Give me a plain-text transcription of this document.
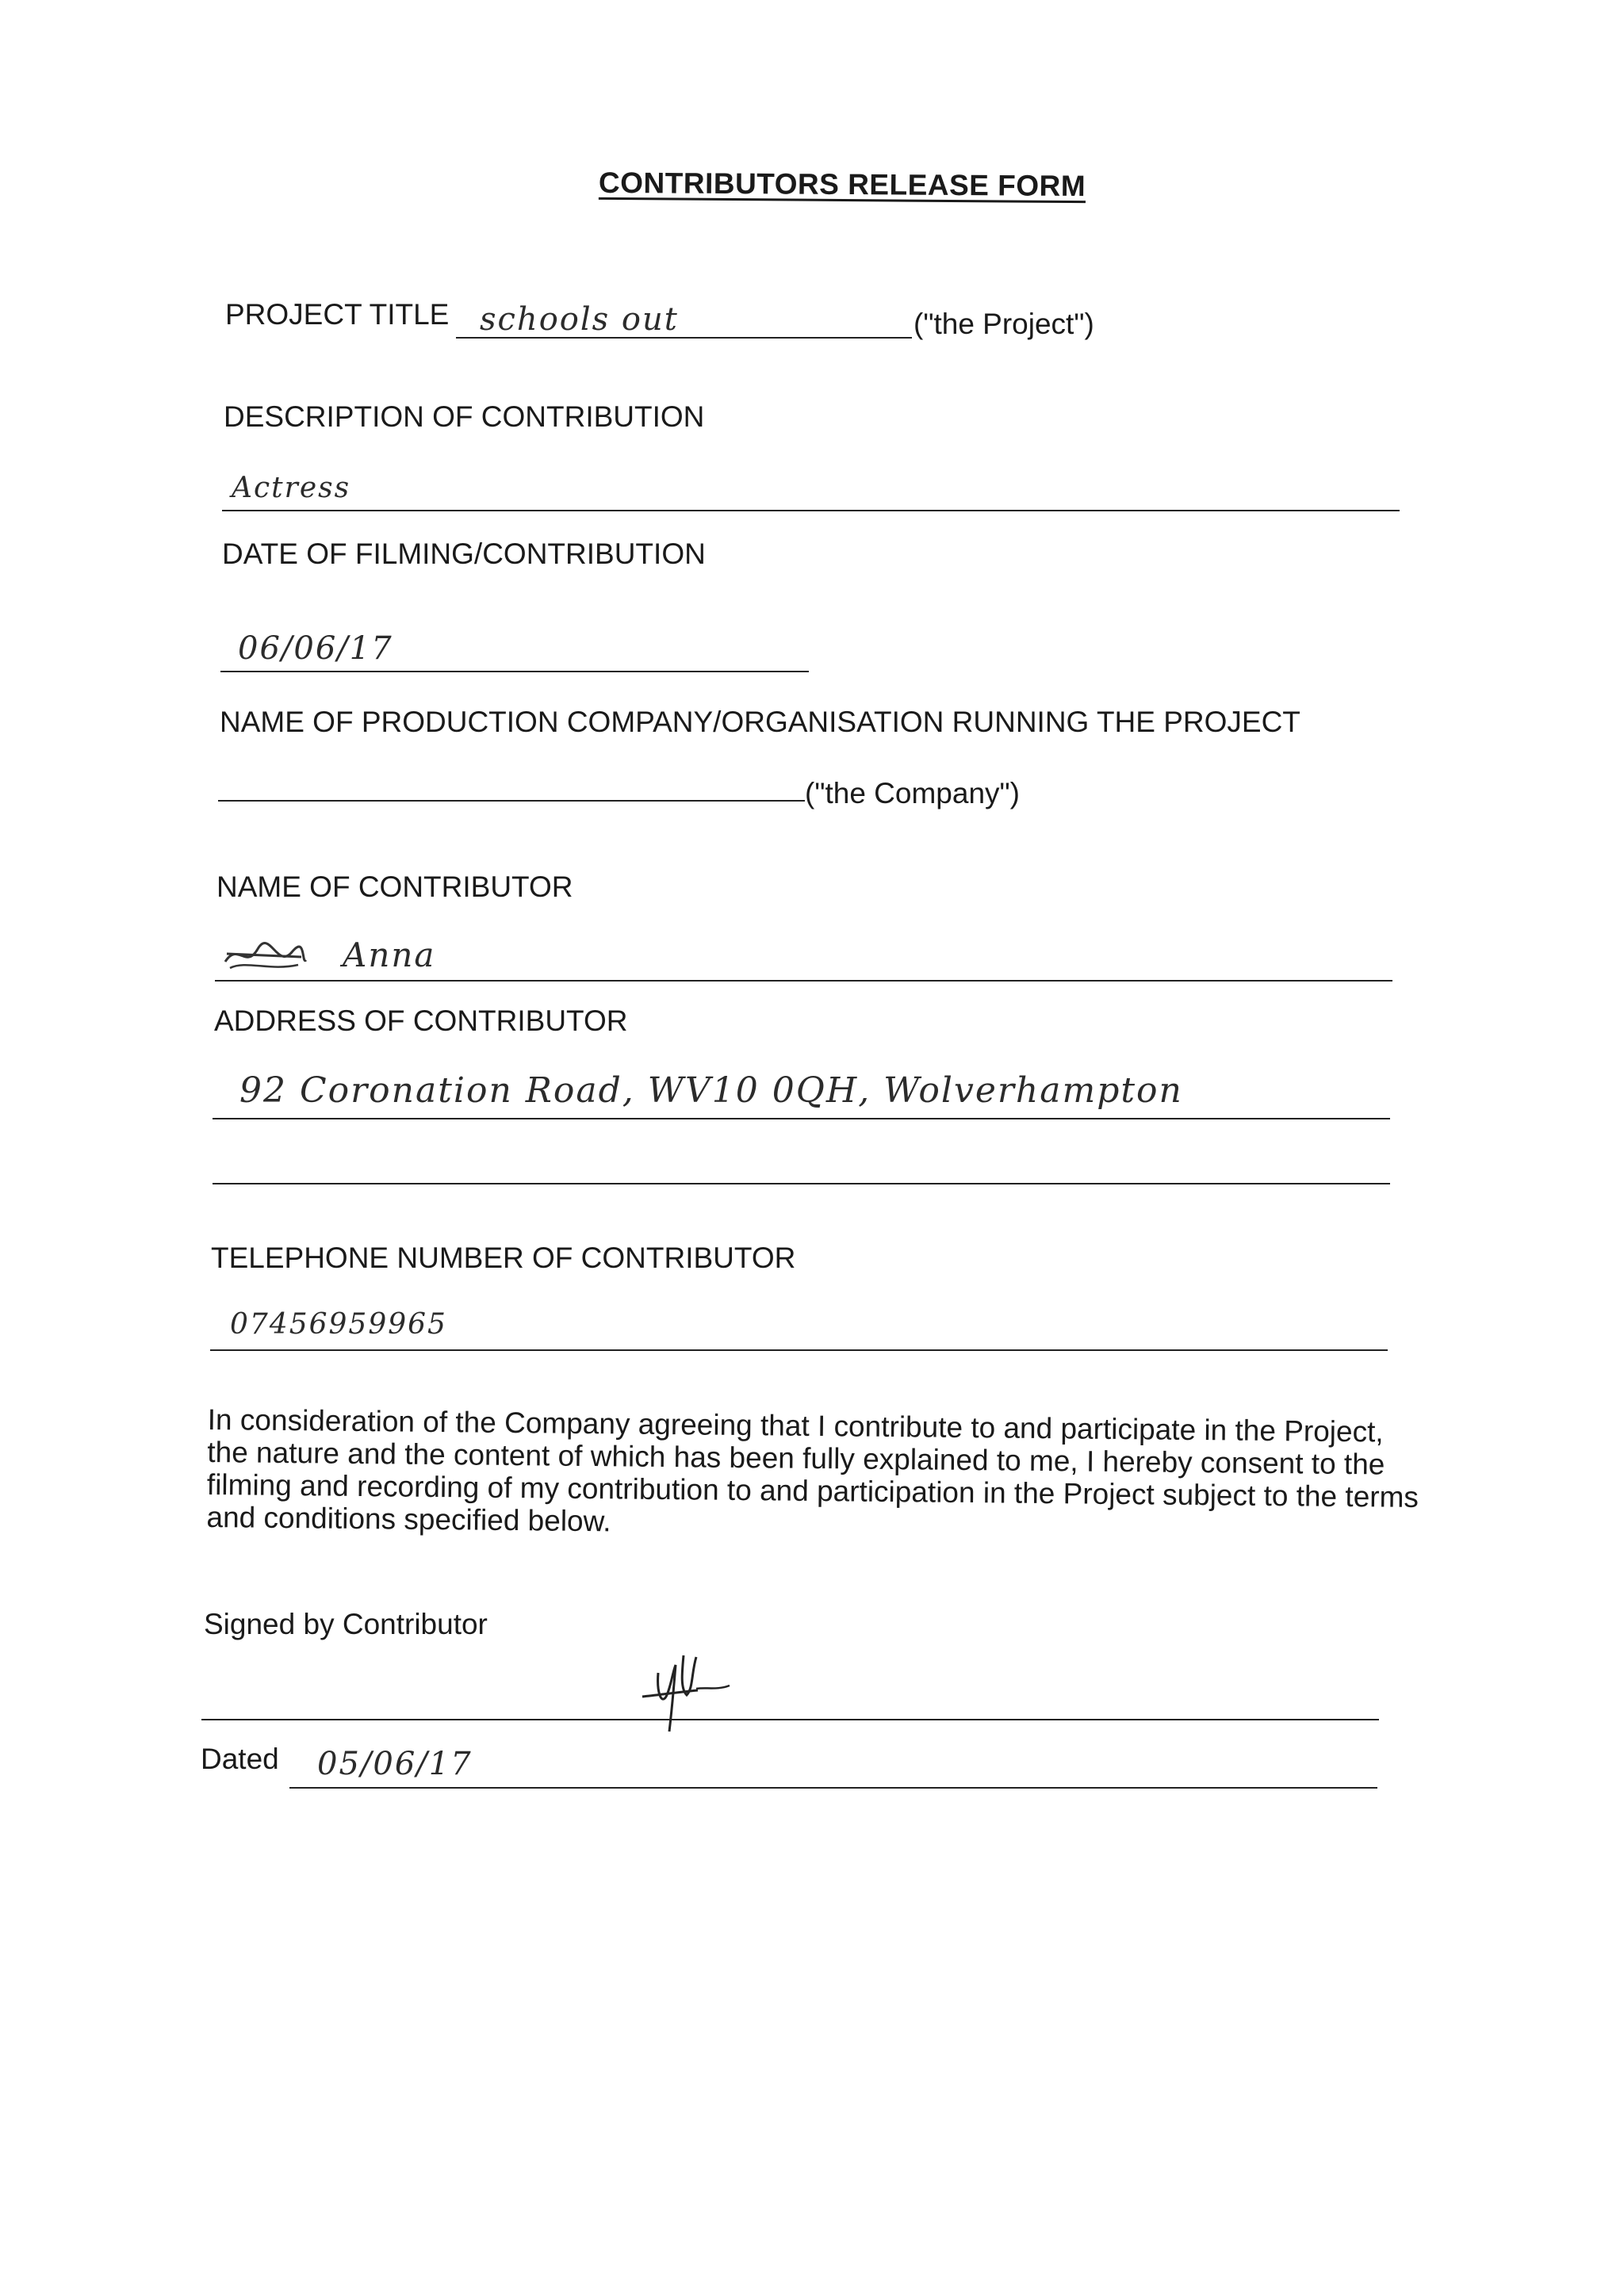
CONTRIBUTORS RELEASE FORM
PROJECT TITLE schools out	("the Project")
DESCRIPTION OF CONTRIBUTION
Actress
DATE OF FILMING/CONTRIBUTION
06/06/17
NAME OF PRODUCTION COMPANY/ORGANISATION RUNNING THE PROJECT
("the Company")
NAME OF CONTRIBUTOR
Anna
ADDRESS OF CONTRIBUTOR
92 Coronation Road, WV10 0QH, Wolverhampton
TELEPHONE NUMBER OF CONTRIBUTOR
07456959965
In consideration of the Company agreeing that I contribute to and participate in the Project, the nature and the content of which has been fully explained to me, I hereby consent to the filming and recording of my contribution to and participation in the Project subject to the terms and conditions specified below.
Signed by Contributor
Dated 05/06/17
